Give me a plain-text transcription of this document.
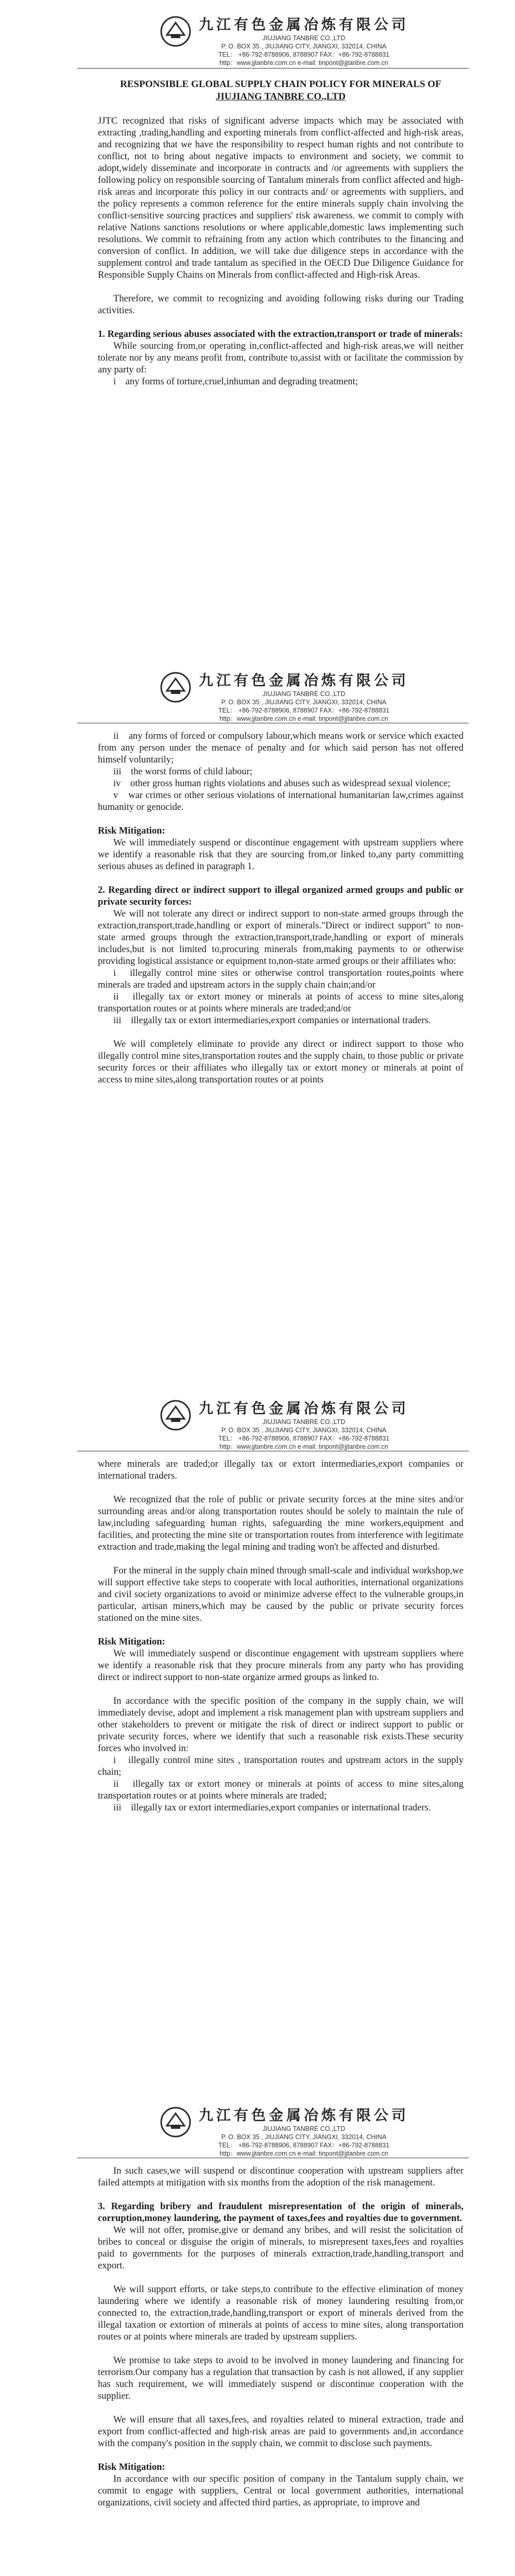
九江有色金属冶炼有限公司
JIUJIANG TANBRE CO.,LTD
P. O. BOX 35 , JIUJIANG CITY, JIANGXI, 332014, CHINA
TEL： +86-792-8788906, 8788907 FAX：+86-792-8788831
http：www.jjtanbre.com.cn e-mail: tinpont@jjtanbre.com.cn

RESPONSIBLE GLOBAL SUPPLY CHAIN POLICY FOR MINERALS OF

JIUJIANG TANBRE CO.,LTD

JJTC recognized that risks of significant adverse impacts which may be associated with extracting ,trading,handling and exporting minerals from conflict-affected and high-risk areas, and recognizing that we have the responsibility to respect human rights and not contribute to conflict, not to bring about negative impacts to environment and society, we commit to adopt,widely disseminate and incorporate in contracts and /or agreements with suppliers the following policy on responsible sourcing of Tantalum minerals from conflict affected and high-risk areas and incorporate this policy in our contracts and/ or agreements with suppliers, and the policy represents a common reference for the entire minerals supply chain involving the conflict-sensitive sourcing practices and suppliers' risk awareness. we commit to comply with relative Nations sanctions resolutions or where applicable,domestic laws implementing such resolutions. We commit to refraining from any action which contributes to the financing and conversion of conflict. In addition, we will take due diligence steps in accordance with the supplement control and trade tantalum as specified in the OECD Due Diligence Guidance for Responsible Supply Chains on Minerals from conflict-affected and High-risk Areas.

Therefore, we commit to recognizing and avoiding following risks during our Trading activities.

1. Regarding serious abuses associated with the extraction,transport or trade of minerals:

While sourcing from,or operating in,conflict-affected and high-risk areas,we will neither tolerate nor by any means profit from, contribute to,assist with or facilitate the commission by any party of:

i　any forms of torture,cruel,inhuman and degrading treatment;

九江有色金属冶炼有限公司
JIUJIANG TANBRE CO.,LTD
P. O. BOX 35 , JIUJIANG CITY, JIANGXI, 332014, CHINA
TEL： +86-792-8788906, 8788907 FAX：+86-792-8788831
http：www.jjtanbre.com.cn e-mail: tinpont@jjtanbre.com.cn

ii　any forms of forced or compulsory labour,which means work or service which exacted from any person under the menace of penalty and for which said person has not offered himself voluntarily;

iii　the worst forms of child labour;

iv　other gross human rights violations and abuses such as widespread sexual violence;

v　war crimes or other serious violations of international humanitarian law,crimes against humanity or genocide.

Risk Mitigation:

We will immediately suspend or discontinue engagement with upstream suppliers where we identify a reasonable risk that they are sourcing from,or linked to,any party committing serious abuses as defined in paragraph 1.

2. Regarding direct or indirect support to illegal organized armed groups and public or private security forces:

We will not tolerate any direct or indirect support to non-state armed groups through the extraction,transport,trade,handling or export of minerals."Direct or indirect support" to non-state armed groups through the extraction,transport,trade,handling or export of minerals includes,but is not limited to,procuring minerals from,making payments to or otherwise providing logistical assistance or equipment to,non-state armed groups or their affiliates who:

i　illegally control mine sites or otherwise control transportation routes,points where minerals are traded and upstream actors in the supply chain chain;and/or

ii　illegally tax or extort money or minerals at points of access to mine sites,along transportation routes or at points where minerals are traded;and/or

iii　illegally tax or extort intermediaries,export companies or international traders.

We will completely eliminate to provide any direct or indirect support to those who illegally control mine sites,transportation routes and the supply chain, to those public or private security forces or their affiliates who illegally tax or extort money or minerals at point of access to mine sites,along transportation routes or at points

九江有色金属冶炼有限公司
JIUJIANG TANBRE CO.,LTD
P. O. BOX 35 , JIUJIANG CITY, JIANGXI, 332014, CHINA
TEL： +86-792-8788906, 8788907 FAX：+86-792-8788831
http：www.jjtanbre.com.cn e-mail: tinpont@jjtanbre.com.cn

where minerals are traded;or illegally tax or extort intermediaries,export companies or international traders.

We recognized that the role of public or private security forces at the mine sites and/or surrounding areas and/or along transportation routes should be solely to maintain the rule of law,including safeguarding human rights, safeguarding the mine workers,equipment and facilities, and protecting the mine site or transportation routes from interference with legitimate extraction and trade,making the legal mining and trading won't be affected and disturbed.

For the mineral in the supply chain mined through small-scale and individual workshop,we will support effective take steps to cooperate with local authorities, international organizations and civil society organizations to avoid or minimize adverse effect to the vulnerable groups,in particular, artisan miners,which may be caused by the public or private security forces stationed on the mine sites.

Risk Mitigation:

We will immediately suspend or discontinue engagement with upstream suppliers where we identify a reasonable risk that they procure minerals from any party who has providing direct or indirect support to non-state organize armed groups as linked to.

In accordance with the specific position of the company in the supply chain, we will immediately devise, adopt and implement a risk management plan with upstream suppliers and other stakeholders to prevent or mitigate the risk of direct or indirect support to public or private security forces, where we identify that such a reasonable risk exists.These security forces who involved in:

i　illegally control mine sites , transportation routes and upstream actors in the supply chain;

ii　illegally tax or extort money or minerals at points of access to mine sites,along transportation routes or at points where minerals are traded;

iii　illegally tax or extort intermediaries,export companies or international traders.

九江有色金属冶炼有限公司
JIUJIANG TANBRE CO.,LTD
P. O. BOX 35 , JIUJIANG CITY, JIANGXI, 332014, CHINA
TEL： +86-792-8788906, 8788907 FAX：+86-792-8788831
http：www.jjtanbre.com.cn e-mail: tinpont@jjtanbre.com.cn

In such cases,we will suspend or discontinue cooperation with upstream suppliers after failed attempts at mitigation with six months from the adoption of the risk management.

3. Regarding bribery and fraudulent misrepresentation of the origin of minerals, corruption,money laundering, the payment of taxes,fees and royalties due to government.

We will not offer, promise,give or demand any bribes, and will resist the solicitation of bribes to conceal or disguise the origin of minerals, to misrepresent taxes,fees and royalties paid to governments for the purposes of minerals extraction,trade,handling,transport and export.

We will support efforts, or take steps,to contribute to the effective elimination of money laundering where we identify a reasonable risk of money laundering resulting from,or connected to, the extraction,trade,handling,transport or export of minerals derived from the illegal taxation or extortion of minerals at points of access to mine sites, along transportation routes or at points where minerals are traded by upstream suppliers.

We promise to take steps to avoid to be involved in money laundering and financing for terrorism.Our company has a regulation that transaction by cash is not allowed, if any supplier has such requirement, we will immediately suspend or discontinue cooperation with the supplier.

We will ensure that all taxes,fees, and royalties related to mineral extraction, trade and export from conflict-affected and high-risk areas are paid to governments and,in accordance with the company's position in the supply chain, we commit to disclose such payments.

Risk Mitigation:

In accordance with our specific position of company in the Tantalum supply chain, we commit to engage with suppliers, Central or local government authorities, international organizations, civil society and affected third parties, as appropriate, to improve and
